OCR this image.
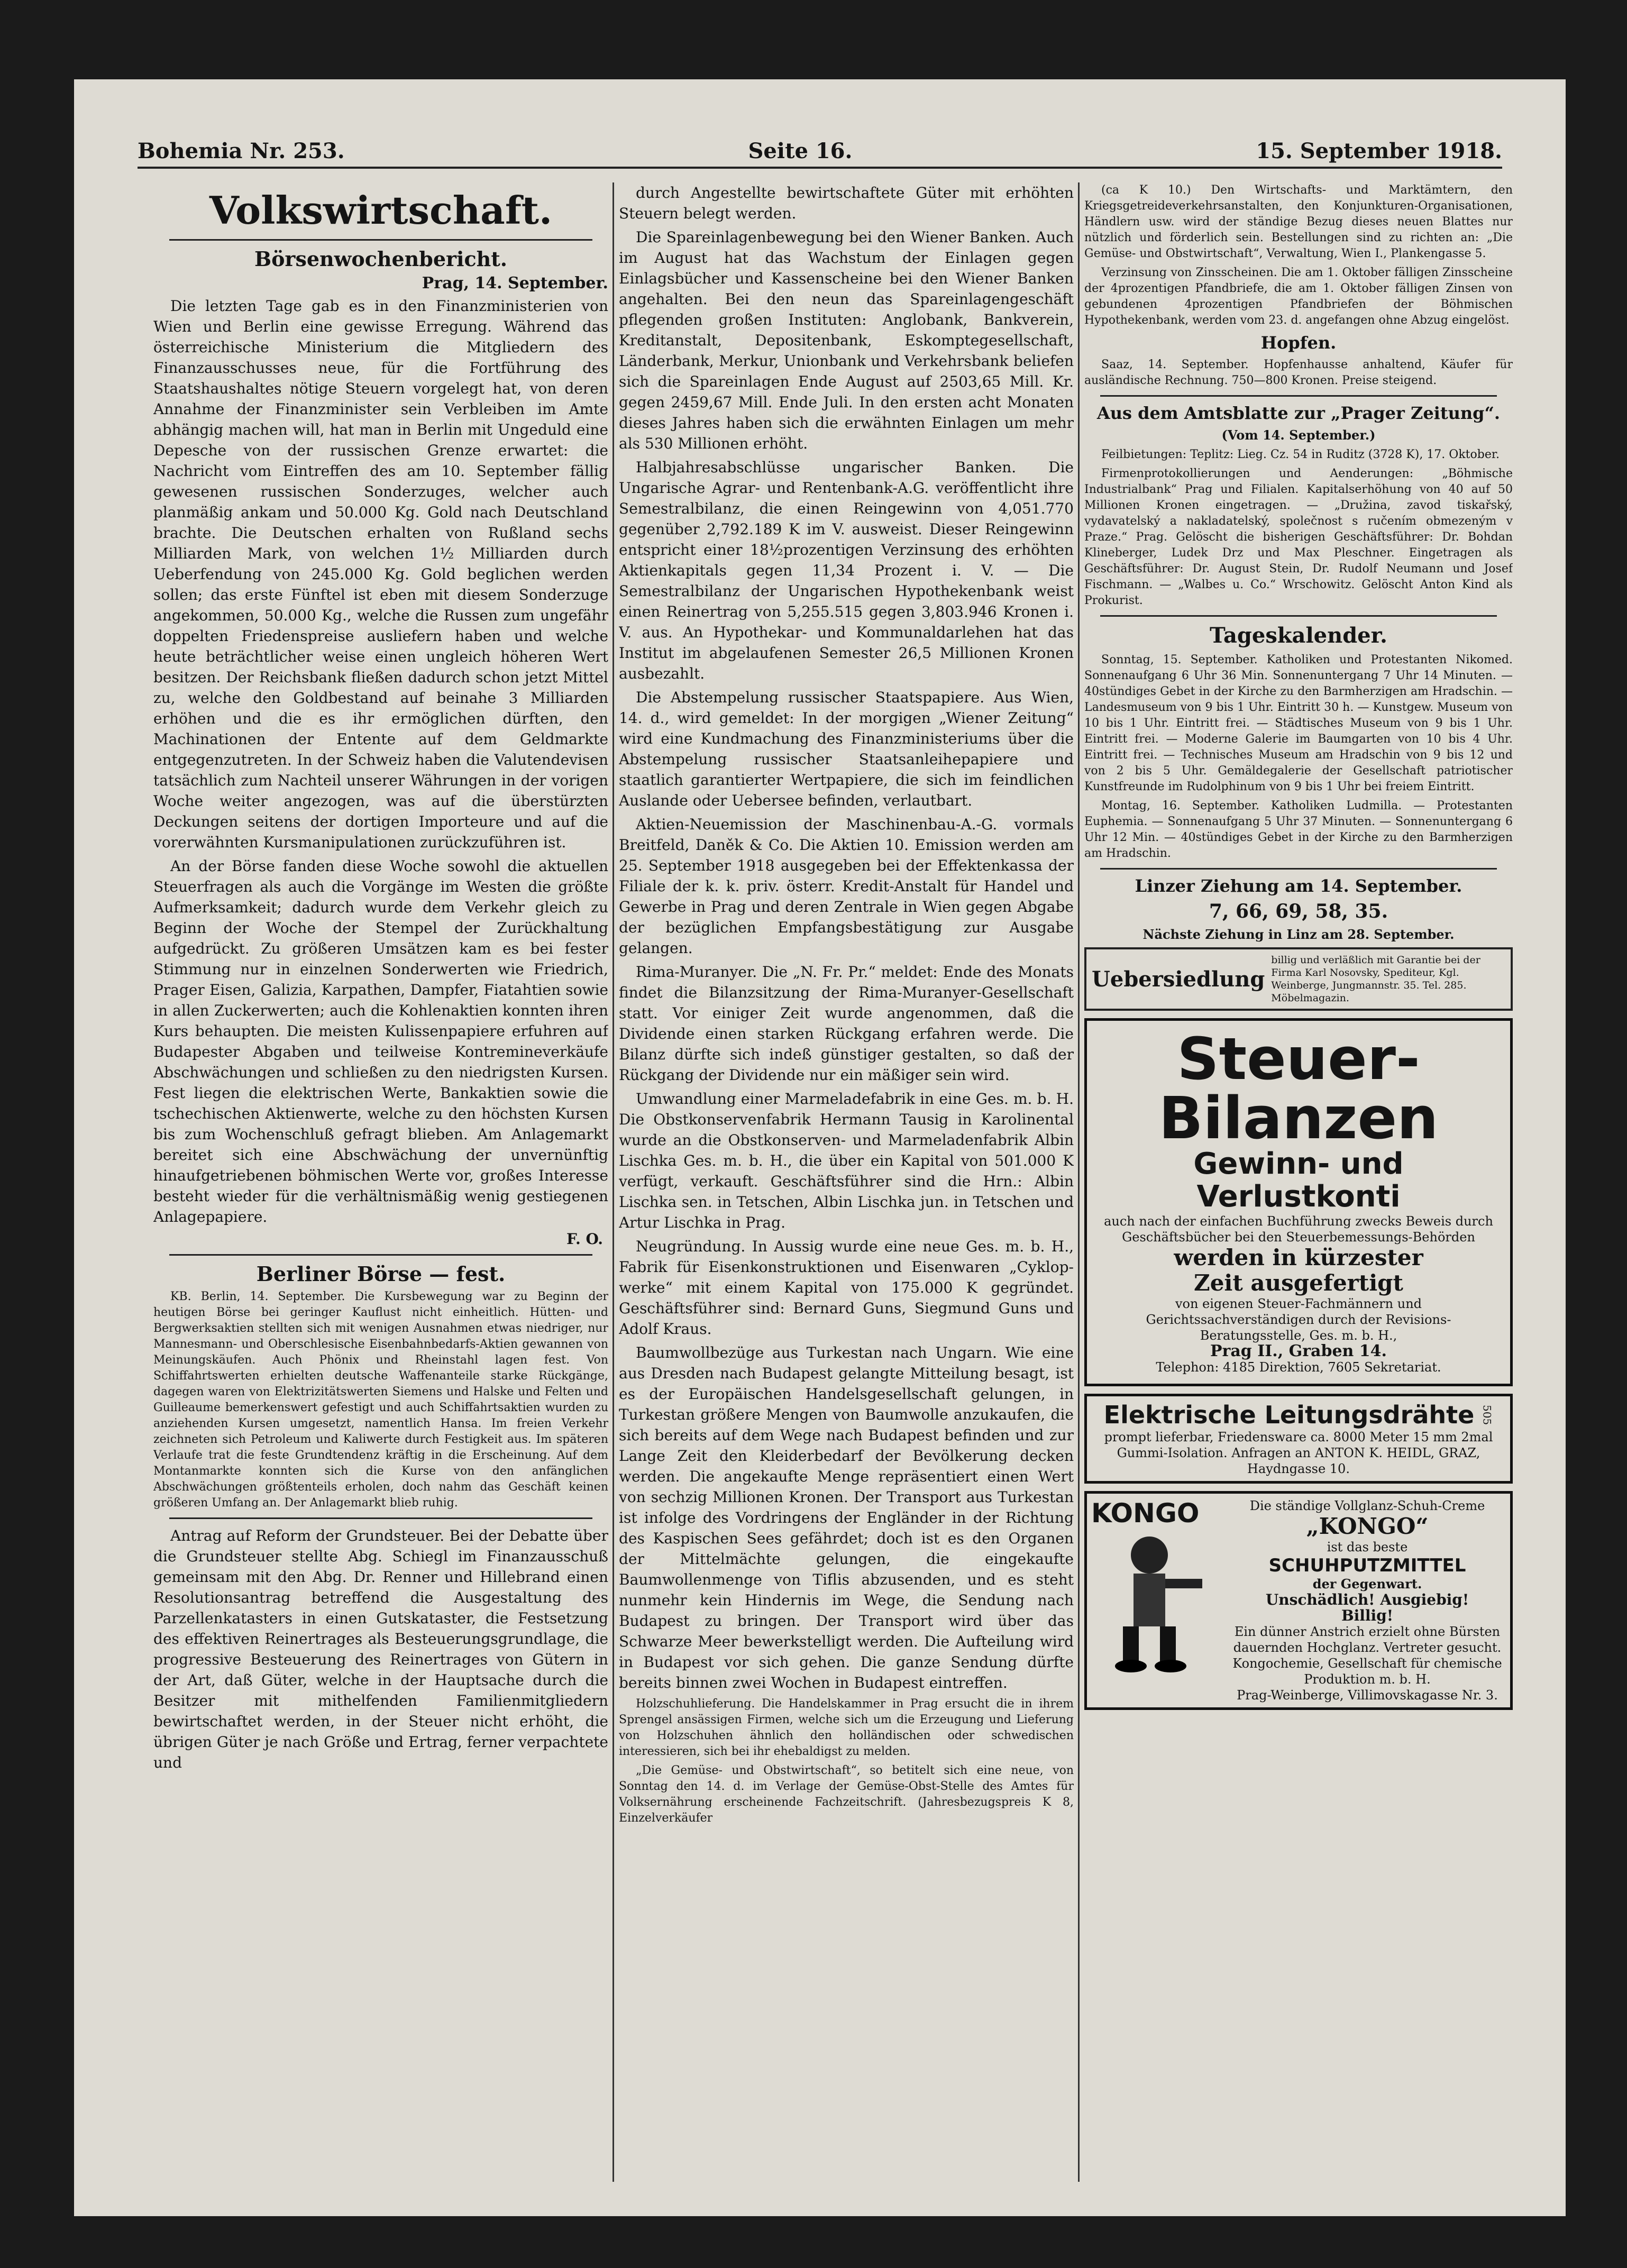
Bohemia Nr. 253.	Seite 16.	15. September 1918.
Volkswirtschaft.
Börsenwochenbericht.
Prag, 14. September.

Die letzten Tage gab es in den Finanzministerien von Wien und Berlin eine gewisse Erregung. Während das österreichische Ministerium die Mitgliedern des Finanzausschusses neue, für die Fortführung des Staatshaushaltes nötige Steuern vorgelegt hat, von deren Annahme der Finanzminister sein Verbleiben im Amte abhängig machen will, hat man in Berlin mit Ungeduld eine Depesche von der russischen Grenze erwartet: die Nachricht vom Eintreffen des am 10. September fällig gewesenen russischen Sonderzuges, welcher auch planmäßig ankam und 50.000 Kg. Gold nach Deutschland brachte. Die Deutschen erhalten von Rußland sechs Milliarden Mark, von welchen 1½ Milliarden durch Ueberfendung von 245.000 Kg. Gold beglichen werden sollen; das erste Fünftel ist eben mit diesem Sonderzuge angekommen, 50.000 Kg., welche die Russen zum ungefähr doppelten Friedenspreise ausliefern haben und welche heute beträchtlicher weise einen ungleich höheren Wert besitzen. Der Reichsbank fließen dadurch schon jetzt Mittel zu, welche den Goldbestand auf beinahe 3 Milliarden erhöhen und die es ihr ermöglichen dürften, den Machinationen der Entente auf dem Geldmarkte entgegenzutreten. In der Schweiz haben die Valutendevisen tatsächlich zum Nachteil unserer Währungen in der vorigen Woche weiter angezogen, was auf die überstürzten Deckungen seitens der dortigen Importeure und auf die vorerwähnten Kursmanipulationen zurückzuführen ist.

An der Börse fanden diese Woche sowohl die aktuellen Steuerfragen als auch die Vorgänge im Westen die größte Aufmerksamkeit; dadurch wurde dem Verkehr gleich zu Beginn der Woche der Stempel der Zurückhaltung aufgedrückt. Zu größeren Umsätzen kam es bei fester Stimmung nur in einzelnen Sonderwerten wie Friedrich, Prager Eisen, Galizia, Karpathen, Dampfer, Fiatahtien sowie in allen Zuckerwerten; auch die Kohlenaktien konnten ihren Kurs behaupten. Die meisten Kulissenpapiere erfuhren auf Budapester Abgaben und teilweise Kontremineverkäufe Abschwächungen und schließen zu den niedrigsten Kursen. Fest liegen die elektrischen Werte, Bankaktien sowie die tschechischen Aktienwerte, welche zu den höchsten Kursen bis zum Wochenschluß gefragt blieben. Am Anlagemarkt bereitet sich eine Abschwächung der unvernünftig hinaufgetriebenen böhmischen Werte vor, großes Interesse besteht wieder für die verhältnismäßig wenig gestiegenen Anlagepapiere.

F. O.
Berliner Börse — fest.

KB. Berlin, 14. September. Die Kursbewegung war zu Beginn der heutigen Börse bei geringer Kauflust nicht einheitlich. Hütten- und Bergwerksaktien stellten sich mit wenigen Ausnahmen etwas niedriger, nur Mannesmann- und Oberschlesische Eisenbahnbedarfs-Aktien gewannen von Meinungskäufen. Auch Phönix und Rheinstahl lagen fest. Von Schiffahrtswerten erhielten deutsche Waffenanteile starke Rückgänge, dagegen waren von Elektrizitätswerten Siemens und Halske und Felten und Guilleaume bemerkenswert gefestigt und auch Schiffahrtsaktien wurden zu anziehenden Kursen umgesetzt, namentlich Hansa. Im freien Verkehr zeichneten sich Petroleum und Kaliwerte durch Festigkeit aus. Im späteren Verlaufe trat die feste Grundtendenz kräftig in die Erscheinung. Auf dem Montanmarkte konnten sich die Kurse von den anfänglichen Abschwächungen größtenteils erholen, doch nahm das Geschäft keinen größeren Umfang an. Der Anlagemarkt blieb ruhig.

Antrag auf Reform der Grundsteuer. Bei der Debatte über die Grundsteuer stellte Abg. Schiegl im Finanzausschuß gemeinsam mit den Abg. Dr. Renner und Hillebrand einen Resolutionsantrag betreffend die Ausgestaltung des Parzellenkatasters in einen Gutskataster, die Festsetzung des effektiven Reinertrages als Besteuerungsgrundlage, die progressive Besteuerung des Reinertrages von Gütern in der Art, daß Güter, welche in der Hauptsache durch die Besitzer mit mithelfenden Familienmitgliedern bewirtschaftet werden, in der Steuer nicht erhöht, die übrigen Güter je nach Größe und Ertrag, ferner verpachtete und

durch Angestellte bewirtschaftete Güter mit erhöhten Steuern belegt werden.

Die Spareinlagenbewegung bei den Wiener Banken. Auch im August hat das Wachstum der Einlagen gegen Einlagsbücher und Kassenscheine bei den Wiener Banken angehalten. Bei den neun das Spareinlagengeschäft pflegenden großen Instituten: Anglobank, Bankverein, Kreditanstalt, Depositenbank, Eskomptegesellschaft, Länderbank, Merkur, Unionbank und Verkehrsbank beliefen sich die Spareinlagen Ende August auf 2503,65 Mill. Kr. gegen 2459,67 Mill. Ende Juli. In den ersten acht Monaten dieses Jahres haben sich die erwähnten Einlagen um mehr als 530 Millionen erhöht.

Halbjahresabschlüsse ungarischer Banken. Die Ungarische Agrar- und Rentenbank-A.G. veröffentlicht ihre Semestralbilanz, die einen Reingewinn von 4,051.770 gegenüber 2,792.189 K im V. ausweist. Dieser Reingewinn entspricht einer 18½prozentigen Verzinsung des erhöhten Aktienkapitals gegen 11,34 Prozent i. V. — Die Semestralbilanz der Ungarischen Hypothekenbank weist einen Reinertrag von 5,255.515 gegen 3,803.946 Kronen i. V. aus. An Hypothekar- und Kommunaldarlehen hat das Institut im abgelaufenen Semester 26,5 Millionen Kronen ausbezahlt.

Die Abstempelung russischer Staatspapiere. Aus Wien, 14. d., wird gemeldet: In der morgigen „Wiener Zeitung“ wird eine Kundmachung des Finanzministeriums über die Abstempelung russischer Staatsanleihepapiere und staatlich garantierter Wertpapiere, die sich im feindlichen Auslande oder Uebersee befinden, verlautbart.

Aktien-Neuemission der Maschinenbau-A.-G. vormals Breitfeld, Daněk & Co. Die Aktien 10. Emission werden am 25. September 1918 ausgegeben bei der Effektenkassa der Filiale der k. k. priv. österr. Kredit-Anstalt für Handel und Gewerbe in Prag und deren Zentrale in Wien gegen Abgabe der bezüglichen Empfangsbestätigung zur Ausgabe gelangen.

Rima-Muranyer. Die „N. Fr. Pr.“ meldet: Ende des Monats findet die Bilanzsitzung der Rima-Muranyer-Gesellschaft statt. Vor einiger Zeit wurde angenommen, daß die Dividende einen starken Rückgang erfahren werde. Die Bilanz dürfte sich indeß günstiger gestalten, so daß der Rückgang der Dividende nur ein mäßiger sein wird.

Umwandlung einer Marmeladefabrik in eine Ges. m. b. H. Die Obstkonservenfabrik Hermann Tausig in Karolinental wurde an die Obstkonserven- und Marmeladenfabrik Albin Lischka Ges. m. b. H., die über ein Kapital von 501.000 K verfügt, verkauft. Geschäftsführer sind die Hrn.: Albin Lischka sen. in Tetschen, Albin Lischka jun. in Tetschen und Artur Lischka in Prag.

Neugründung. In Aussig wurde eine neue Ges. m. b. H., Fabrik für Eisenkonstruktionen und Eisenwaren „Cyklop-werke“ mit einem Kapital von 175.000 K gegründet. Geschäftsführer sind: Bernard Guns, Siegmund Guns und Adolf Kraus.

Baumwollbezüge aus Turkestan nach Ungarn. Wie eine aus Dresden nach Budapest gelangte Mitteilung besagt, ist es der Europäischen Handelsgesellschaft gelungen, in Turkestan größere Mengen von Baumwolle anzukaufen, die sich bereits auf dem Wege nach Budapest befinden und zur Lange Zeit den Kleiderbedarf der Bevölkerung decken werden. Die angekaufte Menge repräsentiert einen Wert von sechzig Millionen Kronen. Der Transport aus Turkestan ist infolge des Vordringens der Engländer in der Richtung des Kaspischen Sees gefährdet; doch ist es den Organen der Mittelmächte gelungen, die eingekaufte Baumwollenmenge von Tiflis abzusenden, und es steht nunmehr kein Hindernis im Wege, die Sendung nach Budapest zu bringen. Der Transport wird über das Schwarze Meer bewerkstelligt werden. Die Aufteilung wird in Budapest vor sich gehen. Die ganze Sendung dürfte bereits binnen zwei Wochen in Budapest eintreffen.

Holzschuhlieferung. Die Handelskammer in Prag ersucht die in ihrem Sprengel ansässigen Firmen, welche sich um die Erzeugung und Lieferung von Holzschuhen ähnlich den holländischen oder schwedischen interessieren, sich bei ihr ehebaldigst zu melden.

„Die Gemüse- und Obstwirtschaft“, so betitelt sich eine neue, von Sonntag den 14. d. im Verlage der Gemüse-Obst-Stelle des Amtes für Volksernährung erscheinende Fachzeitschrift. (Jahresbezugspreis K 8, Einzelverkäufer

(ca K 10.) Den Wirtschafts- und Marktämtern, den Kriegsgetreideverkehrsanstalten, den Konjunkturen-Organisationen, Händlern usw. wird der ständige Bezug dieses neuen Blattes nur nützlich und förderlich sein. Bestellungen sind zu richten an: „Die Gemüse- und Obstwirtschaft“, Verwaltung, Wien I., Plankengasse 5.

Verzinsung von Zinsscheinen. Die am 1. Oktober fälligen Zinsscheine der 4prozentigen Pfandbriefe, die am 1. Oktober fälligen Zinsen von gebundenen 4prozentigen Pfandbriefen der Böhmischen Hypothekenbank, werden vom 23. d. angefangen ohne Abzug eingelöst.

Hopfen.

Saaz, 14. September. Hopfenhausse anhaltend, Käufer für ausländische Rechnung. 750—800 Kronen. Preise steigend.

Aus dem Amtsblatte zur „Prager Zeitung“.
(Vom 14. September.)

Feilbietungen: Teplitz: Lieg. Cz. 54 in Ruditz (3728 K), 17. Oktober.

Firmenprotokollierungen und Aenderungen: „Böhmische Industrialbank“ Prag und Filialen. Kapitalserhöhung von 40 auf 50 Millionen Kronen eingetragen. — „Družina, zavod tiskařský, vydavatelský a nakladatelský, společnost s ručením obmezeným v Praze.“ Prag. Gelöscht die bisherigen Geschäftsführer: Dr. Bohdan Klineberger, Ludek Drz und Max Pleschner. Eingetragen als Geschäftsführer: Dr. August Stein, Dr. Rudolf Neumann und Josef Fischmann. — „Walbes u. Co.“ Wrschowitz. Gelöscht Anton Kind als Prokurist.

Tageskalender.

Sonntag, 15. September. Katholiken und Protestanten Nikomed. Sonnenaufgang 6 Uhr 36 Min. Sonnenuntergang 7 Uhr 14 Minuten. — 40stündiges Gebet in der Kirche zu den Barmherzigen am Hradschin. — Landesmuseum von 9 bis 1 Uhr. Eintritt 30 h. — Kunstgew. Museum von 10 bis 1 Uhr. Eintritt frei. — Städtisches Museum von 9 bis 1 Uhr. Eintritt frei. — Moderne Galerie im Baumgarten von 10 bis 4 Uhr. Eintritt frei. — Technisches Museum am Hradschin von 9 bis 12 und von 2 bis 5 Uhr. Gemäldegalerie der Gesellschaft patriotischer Kunstfreunde im Rudolphinum von 9 bis 1 Uhr bei freiem Eintritt.

Montag, 16. September. Katholiken Ludmilla. — Protestanten Euphemia. — Sonnenaufgang 5 Uhr 37 Minuten. — Sonnenuntergang 6 Uhr 12 Min. — 40stündiges Gebet in der Kirche zu den Barmherzigen am Hradschin.

Linzer Ziehung am 14. September.
7, 66, 69, 58, 35.
Nächste Ziehung in Linz am 28. September.
Uebersiedlung
billig und verläßlich mit Garantie bei der Firma Karl Nosovsky, Spediteur, Kgl. Weinberge, Jungmannstr. 35. Tel. 285. Möbelmagazin.
Steuer-
Bilanzen
Gewinn- und
Verlustkonti
auch nach der einfachen Buchführung zwecks Beweis durch Geschäftsbücher bei den Steuerbemessungs-Behörden
werden in kürzester
Zeit ausgefertigt
von eigenen Steuer-Fachmännern und Gerichtssachverständigen durch der Revisions-Beratungsstelle, Ges. m. b. H.,
Prag II., Graben 14.
Telephon: 4185 Direktion, 7605 Sekretariat.
Elektrische Leitungsdrähte 505
prompt lieferbar, Friedensware ca. 8000 Meter 15 mm 2mal Gummi-Isolation. Anfragen an ANTON K. HEIDL, GRAZ, Haydngasse 10.
KONGO	Die ständige Vollglanz-Schuh-Creme
„KONGO“
ist das beste
SCHUHPUTZMITTEL
der Gegenwart.
Unschädlich! Ausgiebig!
Billig!
Ein dünner Anstrich erzielt ohne Bürsten dauernden Hochglanz. Vertreter gesucht. Kongochemie, Gesellschaft für chemische Produktion m. b. H.
Prag-Weinberge, Villimovskagasse Nr. 3.
